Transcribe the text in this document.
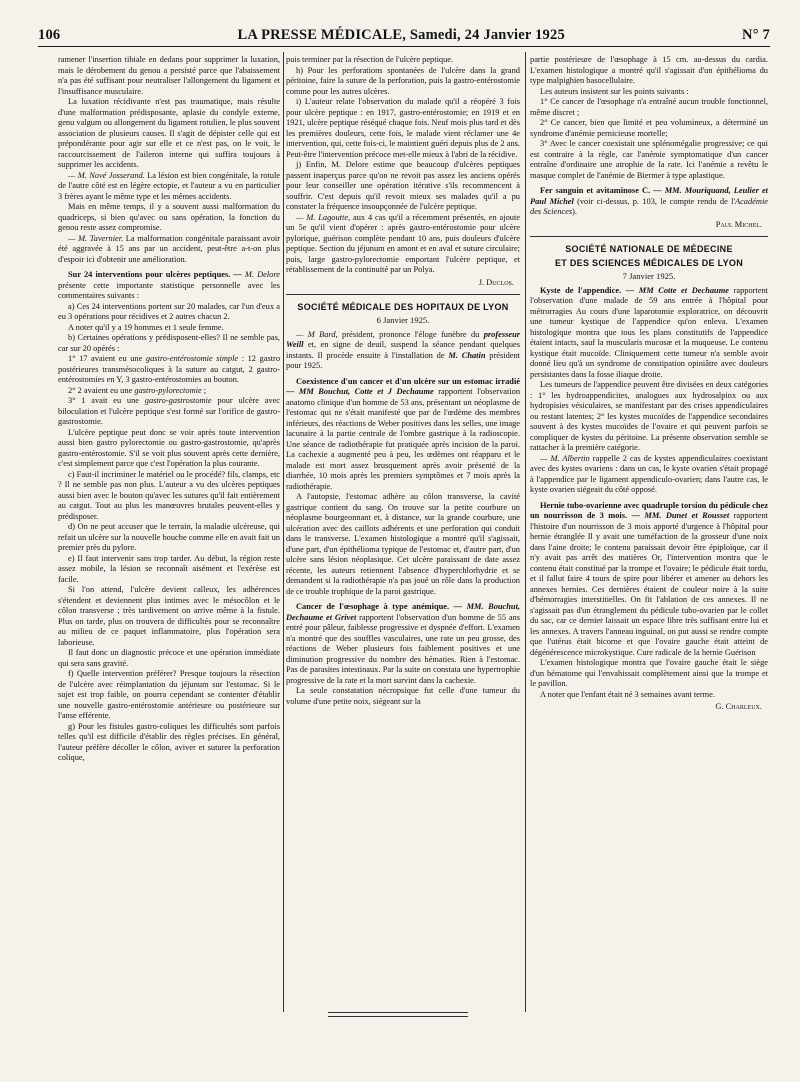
106	LA PRESSE MÉDICALE, Samedi, 24 Janvier 1925	N° 7

ramener l'insertion tibiale en dedans pour supprimer la luxation, mais le dérobement du genou a persisté parce que l'abaissement n'a pas été suffisant pour neutraliser l'allongement du ligament et l'insuffisance musculaire.

La luxation récidivante n'est pas traumatique, mais résulte d'une malformation prédisposante, aplasie du condyle externe, genu valgum ou allongement du ligament rotulien, le plus souvent association de plusieurs causes. Il s'agit de dépister celle qui est prépondérante pour agir sur elle et ce n'est pas, on le voit, le raccourcissement de l'aileron interne qui suffira toujours à supprimer les accidents.

— M. Nové Josserand. La lésion est bien congénitale, la rotule de l'autre côté est en légère ectopie, et l'auteur a vu en particulier 3 frères ayant le même type et les mêmes accidents.

Mais en même temps, il y a souvent aussi malformation du quadriceps, si bien qu'avec ou sans opération, la fonction du genou reste assez compromise.

— M. Tavernier. La malformation congénitale paraissant avoir été aggravée à 15 ans par un accident, peut-être a-t-on plus d'espoir ici d'obtenir une amélioration.

Sur 24 interventions pour ulcères peptiques. — M. Delore présente cette importante statistique personnelle avec les commentaires suivants :

a) Ces 24 interventions portent sur 20 malades, car l'un d'eux a eu 3 opérations pour récidives et 2 autres chacun 2.

A noter qu'il y a 19 hommes et 1 seule femme.

b) Certaines opérations y prédisposent-elles? Il ne semble pas, car sur 20 opérés :

1° 17 avaient eu une gastro-entérostomie simple : 12 gastro postérieures transmésocoliques à la suture au catgut, 2 gastro-entérostomies en Y, 3 gastro-entérostomies au bouton.

2° 2 avaient eu une gastro-pylorectomie ;

3° 1 avait eu une gastro-gastrostomie pour ulcère avec biloculation et l'ulcère peptique s'est formé sur l'orifice de gastro-gastrostomie.

L'ulcère peptique peut donc se voir après toute intervention aussi bien gastro pylorectomie ou gastro-gastrostomie, qu'après gastro-entérostomie. S'il se voit plus souvent après cette dernière, c'est simplement parce que c'est l'opération la plus courante.

c) Faut-il incriminer le matériel ou le procédé? fils, clamps, etc ? Il ne semble pas non plus. L'auteur a vu des ulcères peptiques aussi bien avec le bouton qu'avec les sutures qu'il fait entièrement au catgut. Tout au plus les manœuvres brutales peuvent-elles y prédisposer.

d) On ne peut accuser que le terrain, la maladie ulcéreuse, qui refait un ulcère sur la nouvelle bouche comme elle en avait fait un premier près du pylore.

e) Il faut intervenir sans trop tarder. Au début, la région reste assez mobile, la lésion se reconnaît aisément et l'exérèse est facile.

Si l'on attend, l'ulcère devient calleux, les adhérences s'étendent et deviennent plus intimes avec le mésocôlon et le côlon transverse ; très tardivement on arrive même à la fistule. Plus on tarde, plus on trouvera de difficultés pour se reconnaître au milieu de ce paquet inflammatoire, plus l'opération sera laborieuse.

Il faut donc un diagnostic précoce et une opération immédiate qui sera sans gravité.

f) Quelle intervention préférer? Presque toujours la résection de l'ulcère avec réimplantation du jéjunum sur l'estomac. Si le sujet est trop faible, on pourra cependant se contenter d'établir une nouvelle gastro-entérostomie antérieure ou postérieure sur l'anse efférente.

g) Pour les fistules gastro-coliques les difficultés sont parfois telles qu'il est difficile d'établir des règles précises. En général, l'auteur préfère décoller le côlon, aviver et suturer la perforation colique,

puis terminer par la résection de l'ulcère peptique.

h) Pour les perforations spontanées de l'ulcère dans la grand péritoine, faire la suture de la perforation, puis la gastro-entérostomie comme pour les autres ulcères.

i) L'auteur relate l'observation du malade qu'il a réopéré 3 fois pour ulcère peptique : en 1917, gastro-entérostomie; en 1919 et en 1921, ulcère peptique réséqué chaque fois. Neuf mois plus tard et dès les premières douleurs, cette fois, le malade vient réclamer une 4e intervention, qui, cette fois-ci, le maintient guéri depuis plus de 2 ans. Peut-être l'intervention précoce met-elle mieux à l'abri de la récidive.

j) Enfin, M. Delore estime que beaucoup d'ulcères peptiques passent inaperçus parce qu'on ne revoit pas assez les anciens opérés pour leur conseiller une opération itérative s'ils recommencent à souffrir. C'est depuis qu'il revoit mieux ses malades qu'il a pu constater la fréquence insoupçonnée de l'ulcère peptique.

— M. Lagoutte, aux 4 cas qu'il a récemment présentés, en ajoute un 5e qu'il vient d'opérer : après gastro-entérostomie pour ulcère pylorique, guérison complète pendant 10 ans, puis douleurs d'ulcère peptique. Section du jéjunum en amont et en aval et suture circulaire; puis, large gastro-pylorectomie emportant l'ulcère peptique, et rétablissement de la continuité par un Polya.

J. Duclos.

SOCIÉTÉ MÉDICALE DES HOPITAUX DE LYON
6 Janvier 1925.

— M Bard, président, prononce l'éloge funèbre du professeur Weill et, en signe de deuil, suspend la séance pendant quelques instants. Il procède ensuite à l'installation de M. Chatin président pour 1925.

Coexistence d'un cancer et d'un ulcère sur un estomac irradié — MM Bouchut, Cotte et J Dechaume rapportent l'observation anatomo clinique d'un homme de 53 ans, présentant un néoplasme de l'estomac qui ne s'était manifesté que par de l'œdème des membres inférieurs, des réactions de Weber positives dans les selles, une image lacunaire à la partie centrale de l'ombre gastrique à la radioscopie. Une séance de radiothérapie fut pratiquée après incision de la paroi. La cachexie a augmenté peu à peu, les œdèmes ont réapparu et le malade est mort assez brusquement après avoir présenté de la diarrhée, 10 mois après les premiers symptômes et 7 mois après la radiothérapie.

A l'autopsie, l'estomac adhère au côlon transverse, la cavité gastrique contient du sang. On trouve sur la petite courbure un néoplasme bourgeonnant et, à distance, sur la grande courbure, une ulcération avec des caillots adhérents et une perforation qui conduit dans le transverse. L'examen histologique a montré qu'il s'agissait, d'une part, d'un épithélioma typique de l'estomac et, d'autre part, d'un ulcère sans lésion néoplasique. Cet ulcère paraissant de date assez récente, les auteurs retiennent l'absence d'hyperchlorhydrie et se demandent si la radiothérapie n'a pas joué un rôle dans la production de ce trouble trophique de la paroi gastrique.

Cancer de l'œsophage à type anémique. — MM. Bouchut, Dechaume et Grivet rapportent l'observation d'un homme de 55 ans entré pour pâleur, faiblesse progressive et dyspnée d'effort. L'examen n'a montré que des souffles vasculaires, une rate un peu grosse, des réactions de Weber plusieurs fois faiblement positives et une diminution progressive du nombre des hématies. Rien à l'estomac. Pas de parasites intestinaux. Par la suite on constata une hypertrophie progressive de la rate et la mort survint dans la cachexie.

La seule constatation nécropsique fut celle d'une tumeur du volume d'une petite noix, siégeant sur la

partie postérieure de l'œsophage à 15 cm. au-dessus du cardia. L'examen histologique a montré qu'il s'agissait d'un épithélioma du type malpighien basocellulaire.

Les auteurs insistent sur les points suivants :

1° Ce cancer de l'œsophage n'a entraîné aucun trouble fonctionnel, même discret ;

2° Ce cancer, bien que limité et peu volumineux, a déterminé un syndrome d'anémie pernicieuse mortelle;

3° Avec le cancer coexistait une splénomégalie progressive; ce qui est contraire à la règle, car l'anémie symptomatique d'un cancer entraîne d'ordinaire une atrophie de la rate. Ici l'anémie a revêtu le masque complet de l'anémie de Biermer à type aplastique.

Fer sanguin et avitaminose C. — MM. Mouriquand, Leulier et Paul Michel (voir ci-dessus, p. 103, le compte rendu de l'Académie des Sciences).

Paul Michel.

SOCIÉTÉ NATIONALE DE MÉDECINE
ET DES SCIENCES MÉDICALES DE LYON
7 Janvier 1925.

Kyste de l'appendice. — MM Cotte et Dechaume rapportent l'observation d'une malade de 59 ans entrée à l'hôpital pour métrorragies Au cours d'une laparotomie exploratrice, on découvrit une tumeur kystique de l'appendice qu'on enleva. L'examen histologique montra que tous les plans constitutifs de l'appendice étaient intacts, sauf la muscularis mucosæ et la muqueuse. Le contenu kystique était mucoïde. Cliniquement cette tumeur n'a semble avoir donné lieu qu'à un syndrome de constipation opiniâtre avec douleurs persistantes dans la fosse iliaque droite.

Les tumeurs de l'appendice peuvent être divisées en deux catégories : 1° les hydroappendicites, analogues aux hydrosalpinx ou aux hydropisies vésiculaires, se manifestant par des crises appendiculaires ou restant latentes; 2° les kystes mucoïdes de l'appendice secondaires souvent à des kystes mucoïdes de l'ovaire et qui peuvent parfois se compliquer de kystes du péritoine. La présente observation semble se rattacher à la première catégorie.

— M. Albertin rappelle 2 cas de kystes appendiculaires coexistant avec des kystes ovariens : dans un cas, le kyste ovarien s'était propagé à l'appendice par le ligament appendiculo-ovarien; dans l'autre cas, le kyste ovarien siégeait du côté opposé.

Hernie tubo-ovarienne avec quadruple torsion du pédicule chez un nourrisson de 3 mois. — MM. Dunet et Rousset rapportent l'histoire d'un nourrisson de 3 mois apporté d'urgence à l'hôpital pour hernie étranglée Il y avait une tuméfaction de la grosseur d'une noix dans l'aine droite; le contenu paraissait devoir être épiploïque, car il n'y avait pas arrêt des matières Or, l'intervention montra que le contenu était constitué par la trompe et l'ovaire; le pédicule était tordu, et il fallut faire 4 tours de spire pour libérer et amener au dehors les annexes hernies. Ces dernières étaient de couleur noire à la suite d'hémorragies interstitielles. On fit l'ablation de ces annexes. Il ne s'agissait pas d'un étranglement du pédicule tubo-ovarien par le collet du sac, car ce dernier laissait un espace libre très suffisant entre lui et les annexes. A travers l'anneau inguinal, on put aussi se rendre compte que l'utérus était bicorne et que l'ovaire gauche était atteint de dégénérescence microkystique. Cure radicale de la hernie Guérison

L'examen histologique montra que l'ovaire gauche était le siège d'un hématome qui l'envahissait complètement ainsi que la trompe et le pavillon.

A noter que l'enfant était né 3 semaines avant terme.

G. Charleux.
